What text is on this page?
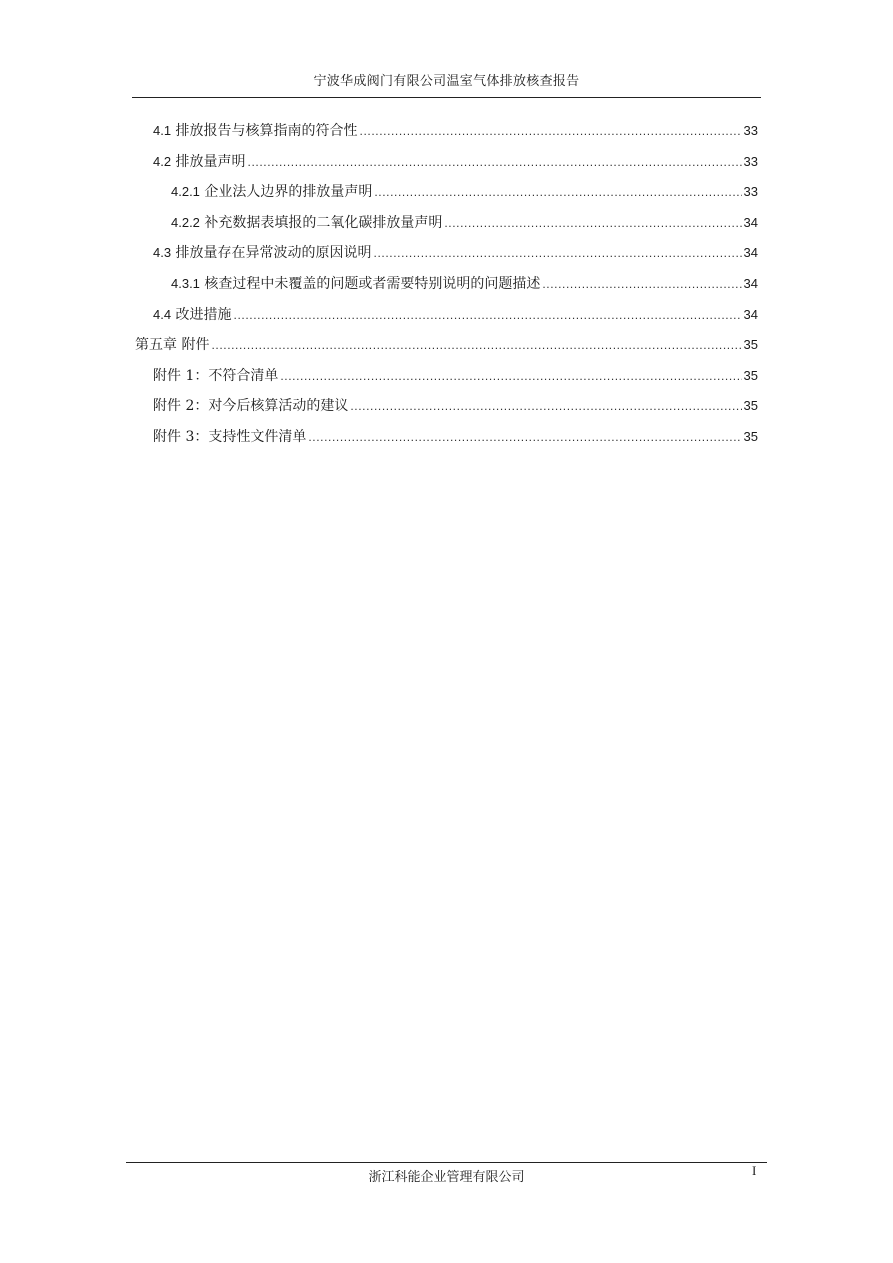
宁波华成阀门有限公司温室气体排放核查报告
4.1 排放报告与核算指南的符合性 .....	33
4.2 排放量声明 .....	33
4.2.1 企业法人边界的排放量声明 .....	33
4.2.2 补充数据表填报的二氧化碳排放量声明 .....	34
4.3 排放量存在异常波动的原因说明 .....	34
4.3.1 核查过程中未覆盖的问题或者需要特别说明的问题描述 .....	34
4.4 改进措施 .....	34
第五章 附件 .....	35
附件 1：不符合清单 .....	35
附件 2：对今后核算活动的建议 .....	35
附件 3：支持性文件清单 .....	35
浙江科能企业管理有限公司	I
